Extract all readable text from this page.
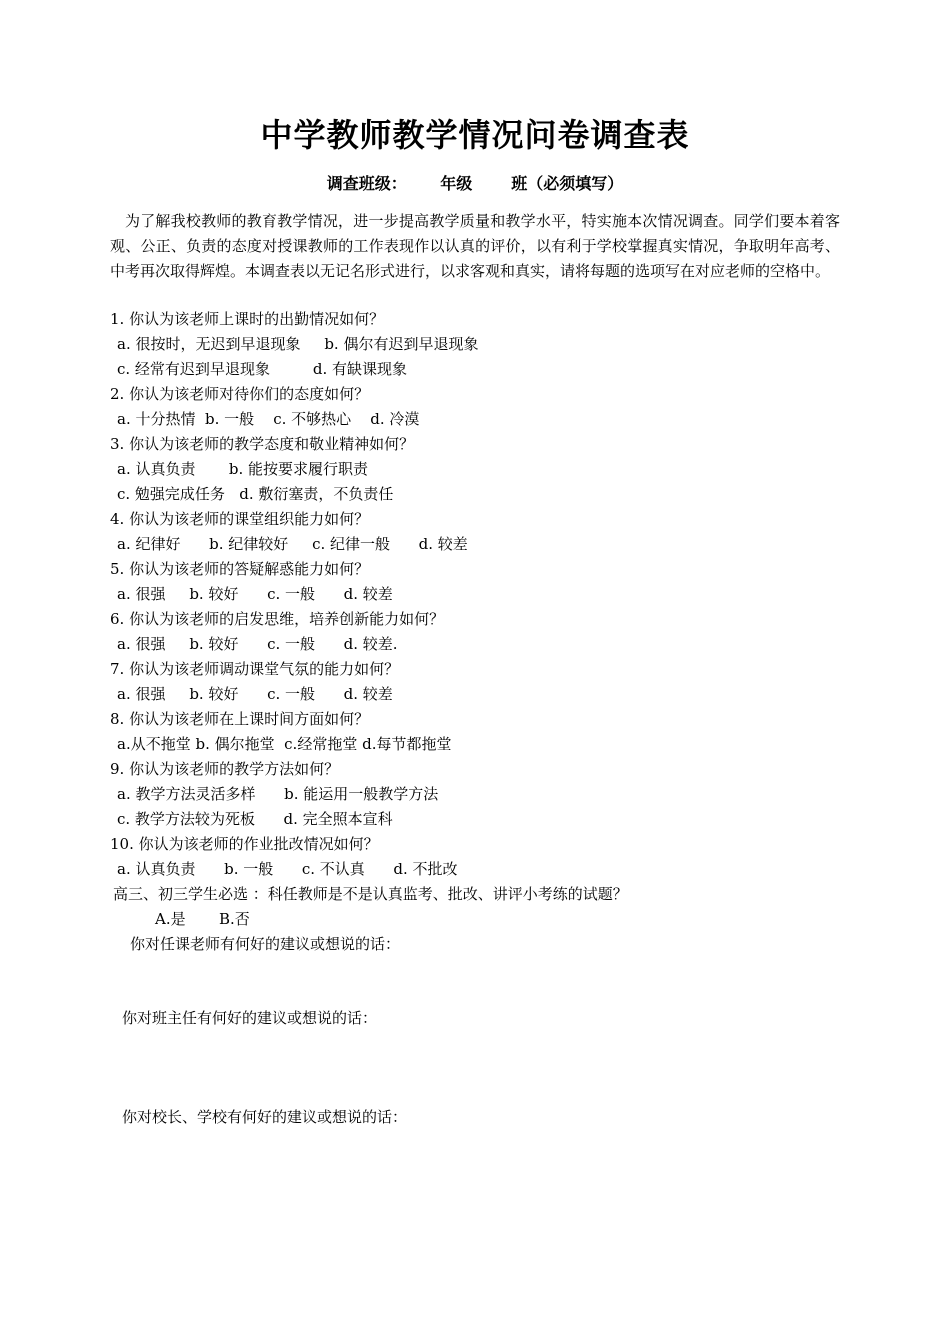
中学教师教学情况问卷调查表
调查班级：      年级       班（必须填写）

为了解我校教师的教育教学情况，进一步提高教学质量和教学水平，特实施本次情况调查。同学们要本着客观、公正、负责的态度对授课教师的工作表现作以认真的评价，以有利于学校掌握真实情况，争取明年高考、中考再次取得辉煌。本调查表以无记名形式进行，以求客观和真实，请将每题的选项写在对应老师的空格中。

1. 你认为该老师上课时的出勤情况如何？
a. 很按时，无迟到早退现象     b. 偶尔有迟到早退现象
c. 经常有迟到早退现象         d. 有缺课现象
2. 你认为该老师对待你们的态度如何？
a. 十分热情  b. 一般    c. 不够热心    d. 冷漠
3. 你认为该老师的教学态度和敬业精神如何？
a. 认真负责       b. 能按要求履行职责
c. 勉强完成任务   d. 敷衍塞责，不负责任
4. 你认为该老师的课堂组织能力如何？
a. 纪律好      b. 纪律较好     c. 纪律一般      d. 较差
5. 你认为该老师的答疑解惑能力如何？
a. 很强     b. 较好      c. 一般      d. 较差
6. 你认为该老师的启发思维，培养创新能力如何？
a. 很强     b. 较好      c. 一般      d. 较差.
7. 你认为该老师调动课堂气氛的能力如何？
a. 很强     b. 较好      c. 一般      d. 较差
8. 你认为该老师在上课时间方面如何？
a.从不拖堂 b. 偶尔拖堂  c.经常拖堂 d.每节都拖堂
9. 你认为该老师的教学方法如何？
a. 教学方法灵活多样      b. 能运用一般教学方法
c. 教学方法较为死板      d. 完全照本宣科
10. 你认为该老师的作业批改情况如何？
a. 认真负责      b. 一般      c. 不认真      d. 不批改
高三、初三学生必选 ：科任教师是不是认真监考、批改、讲评小考练的试题？
A.是       B.否
你对任课老师有何好的建议或想说的话：
你对班主任有何好的建议或想说的话：
你对校长、学校有何好的建议或想说的话：
